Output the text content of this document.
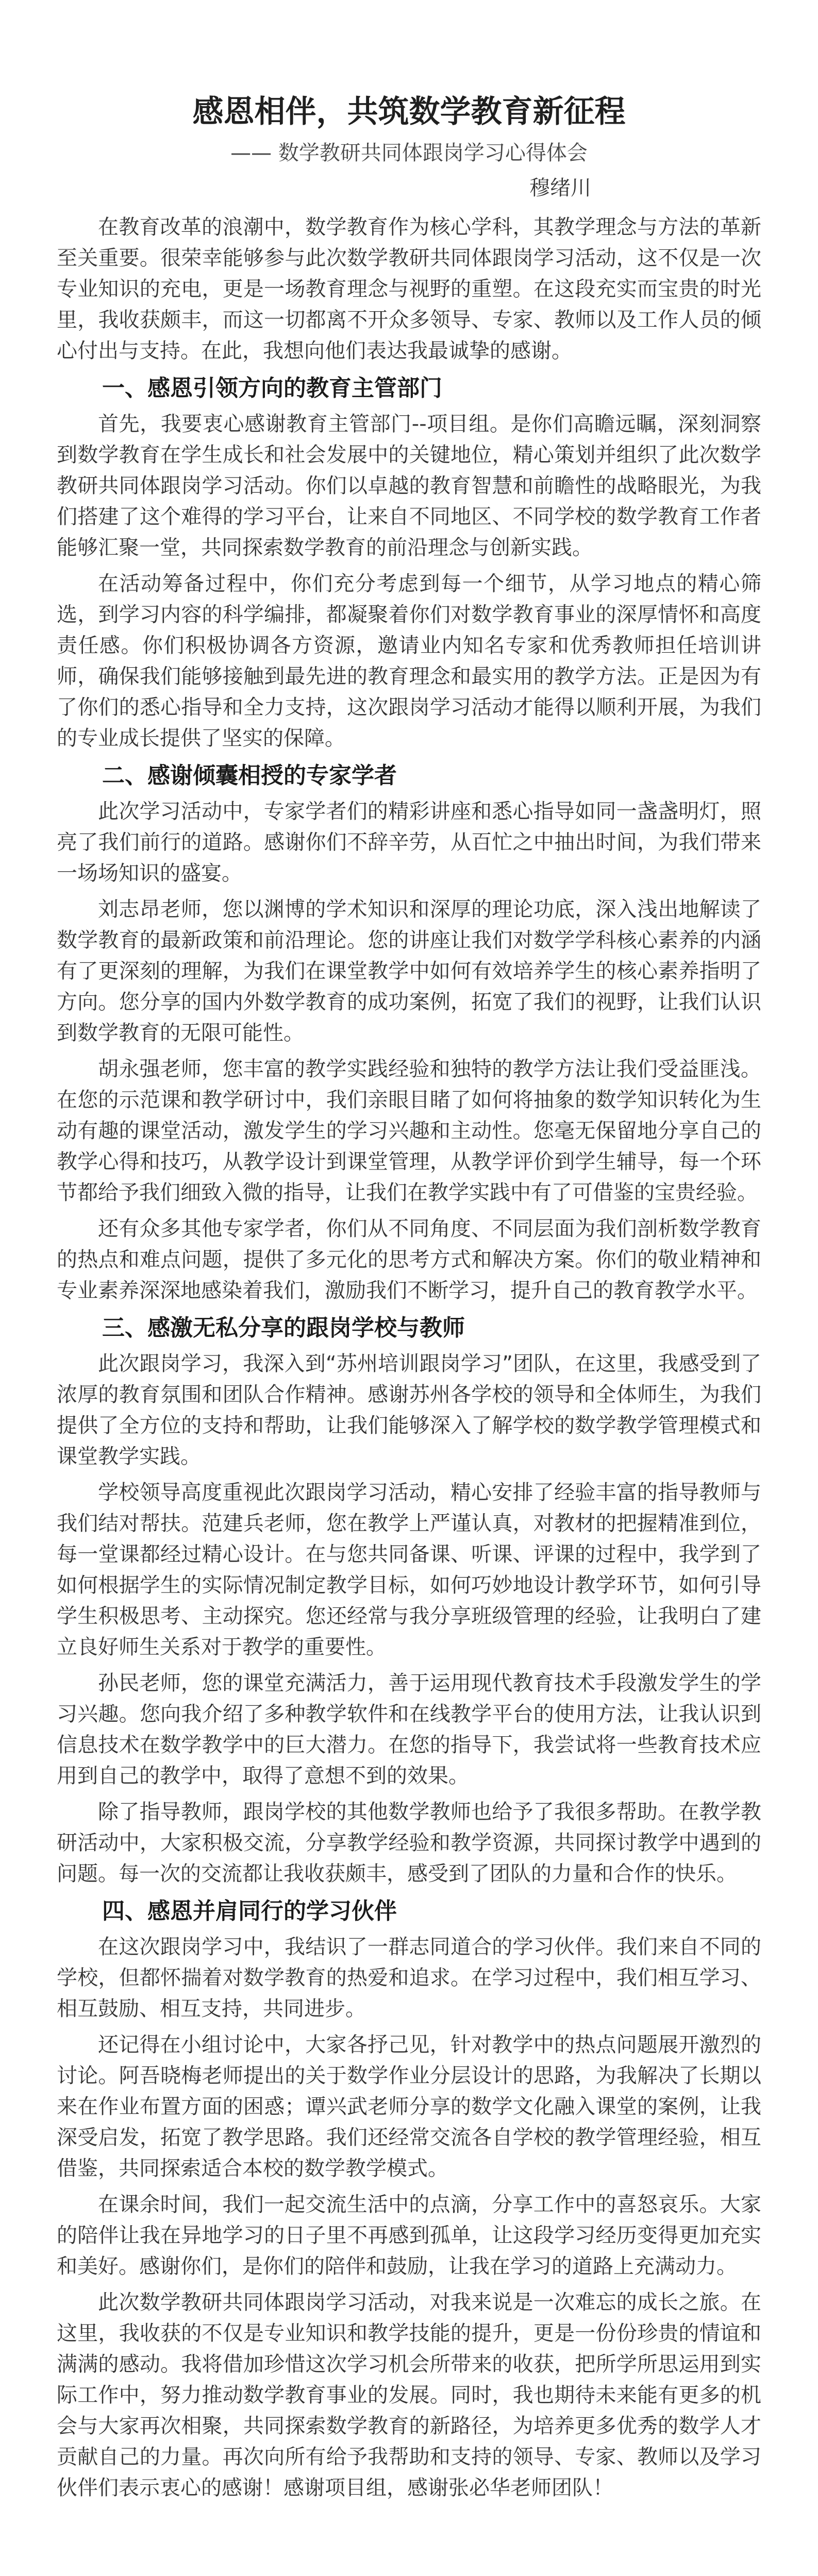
感恩相伴，共筑数学教育新征程
—— 数学教研共同体跟岗学习心得体会
穆绪川

在教育改革的浪潮中，数学教育作为核心学科，其教学理念与方法的革新至关重要。很荣幸能够参与此次数学教研共同体跟岗学习活动，这不仅是一次专业知识的充电，更是一场教育理念与视野的重塑。在这段充实而宝贵的时光里，我收获颇丰，而这一切都离不开众多领导、专家、教师以及工作人员的倾心付出与支持。在此，我想向他们表达我最诚挚的感谢。

一、感恩引领方向的教育主管部门

首先，我要衷心感谢教育主管部门--项目组。是你们高瞻远瞩，深刻洞察到数学教育在学生成长和社会发展中的关键地位，精心策划并组织了此次数学教研共同体跟岗学习活动。你们以卓越的教育智慧和前瞻性的战略眼光，为我们搭建了这个难得的学习平台，让来自不同地区、不同学校的数学教育工作者能够汇聚一堂，共同探索数学教育的前沿理念与创新实践。

在活动筹备过程中，你们充分考虑到每一个细节，从学习地点的精心筛选，到学习内容的科学编排，都凝聚着你们对数学教育事业的深厚情怀和高度责任感。你们积极协调各方资源，邀请业内知名专家和优秀教师担任培训讲师，确保我们能够接触到最先进的教育理念和最实用的教学方法。正是因为有了你们的悉心指导和全力支持，这次跟岗学习活动才能得以顺利开展，为我们的专业成长提供了坚实的保障。

二、感谢倾囊相授的专家学者

此次学习活动中，专家学者们的精彩讲座和悉心指导如同一盏盏明灯，照亮了我们前行的道路。感谢你们不辞辛劳，从百忙之中抽出时间，为我们带来一场场知识的盛宴。

刘志昂老师，您以渊博的学术知识和深厚的理论功底，深入浅出地解读了数学教育的最新政策和前沿理论。您的讲座让我们对数学学科核心素养的内涵有了更深刻的理解，为我们在课堂教学中如何有效培养学生的核心素养指明了方向。您分享的国内外数学教育的成功案例，拓宽了我们的视野，让我们认识到数学教育的无限可能性。

胡永强老师，您丰富的教学实践经验和独特的教学方法让我们受益匪浅。在您的示范课和教学研讨中，我们亲眼目睹了如何将抽象的数学知识转化为生动有趣的课堂活动，激发学生的学习兴趣和主动性。您毫无保留地分享自己的教学心得和技巧，从教学设计到课堂管理，从教学评价到学生辅导，每一个环节都给予我们细致入微的指导，让我们在教学实践中有了可借鉴的宝贵经验。

还有众多其他专家学者，你们从不同角度、不同层面为我们剖析数学教育的热点和难点问题，提供了多元化的思考方式和解决方案。你们的敬业精神和专业素养深深地感染着我们，激励我们不断学习，提升自己的教育教学水平。

三、感激无私分享的跟岗学校与教师

此次跟岗学习，我深入到“苏州培训跟岗学习”团队，在这里，我感受到了浓厚的教育氛围和团队合作精神。感谢苏州各学校的领导和全体师生，为我们提供了全方位的支持和帮助，让我们能够深入了解学校的数学教学管理模式和课堂教学实践。

学校领导高度重视此次跟岗学习活动，精心安排了经验丰富的指导教师与我们结对帮扶。范建兵老师，您在教学上严谨认真，对教材的把握精准到位，每一堂课都经过精心设计。在与您共同备课、听课、评课的过程中，我学到了如何根据学生的实际情况制定教学目标，如何巧妙地设计教学环节，如何引导学生积极思考、主动探究。您还经常与我分享班级管理的经验，让我明白了建立良好师生关系对于教学的重要性。

孙民老师，您的课堂充满活力，善于运用现代教育技术手段激发学生的学习兴趣。您向我介绍了多种教学软件和在线教学平台的使用方法，让我认识到信息技术在数学教学中的巨大潜力。在您的指导下，我尝试将一些教育技术应用到自己的教学中，取得了意想不到的效果。

除了指导教师，跟岗学校的其他数学教师也给予了我很多帮助。在教学教研活动中，大家积极交流，分享教学经验和教学资源，共同探讨教学中遇到的问题。每一次的交流都让我收获颇丰，感受到了团队的力量和合作的快乐。

四、感恩并肩同行的学习伙伴

在这次跟岗学习中，我结识了一群志同道合的学习伙伴。我们来自不同的学校，但都怀揣着对数学教育的热爱和追求。在学习过程中，我们相互学习、相互鼓励、相互支持，共同进步。

还记得在小组讨论中，大家各抒己见，针对教学中的热点问题展开激烈的讨论。阿吾晓梅老师提出的关于数学作业分层设计的思路，为我解决了长期以来在作业布置方面的困惑；谭兴武老师分享的数学文化融入课堂的案例，让我深受启发，拓宽了教学思路。我们还经常交流各自学校的教学管理经验，相互借鉴，共同探索适合本校的数学教学模式。

在课余时间，我们一起交流生活中的点滴，分享工作中的喜怒哀乐。大家的陪伴让我在异地学习的日子里不再感到孤单，让这段学习经历变得更加充实和美好。感谢你们，是你们的陪伴和鼓励，让我在学习的道路上充满动力。

此次数学教研共同体跟岗学习活动，对我来说是一次难忘的成长之旅。在这里，我收获的不仅是专业知识和教学技能的提升，更是一份份珍贵的情谊和满满的感动。我将借加珍惜这次学习机会所带来的收获，把所学所思运用到实际工作中，努力推动数学教育事业的发展。同时，我也期待未来能有更多的机会与大家再次相聚，共同探索数学教育的新路径，为培养更多优秀的数学人才贡献自己的力量。再次向所有给予我帮助和支持的领导、专家、教师以及学习伙伴们表示衷心的感谢！感谢项目组，感谢张必华老师团队！
